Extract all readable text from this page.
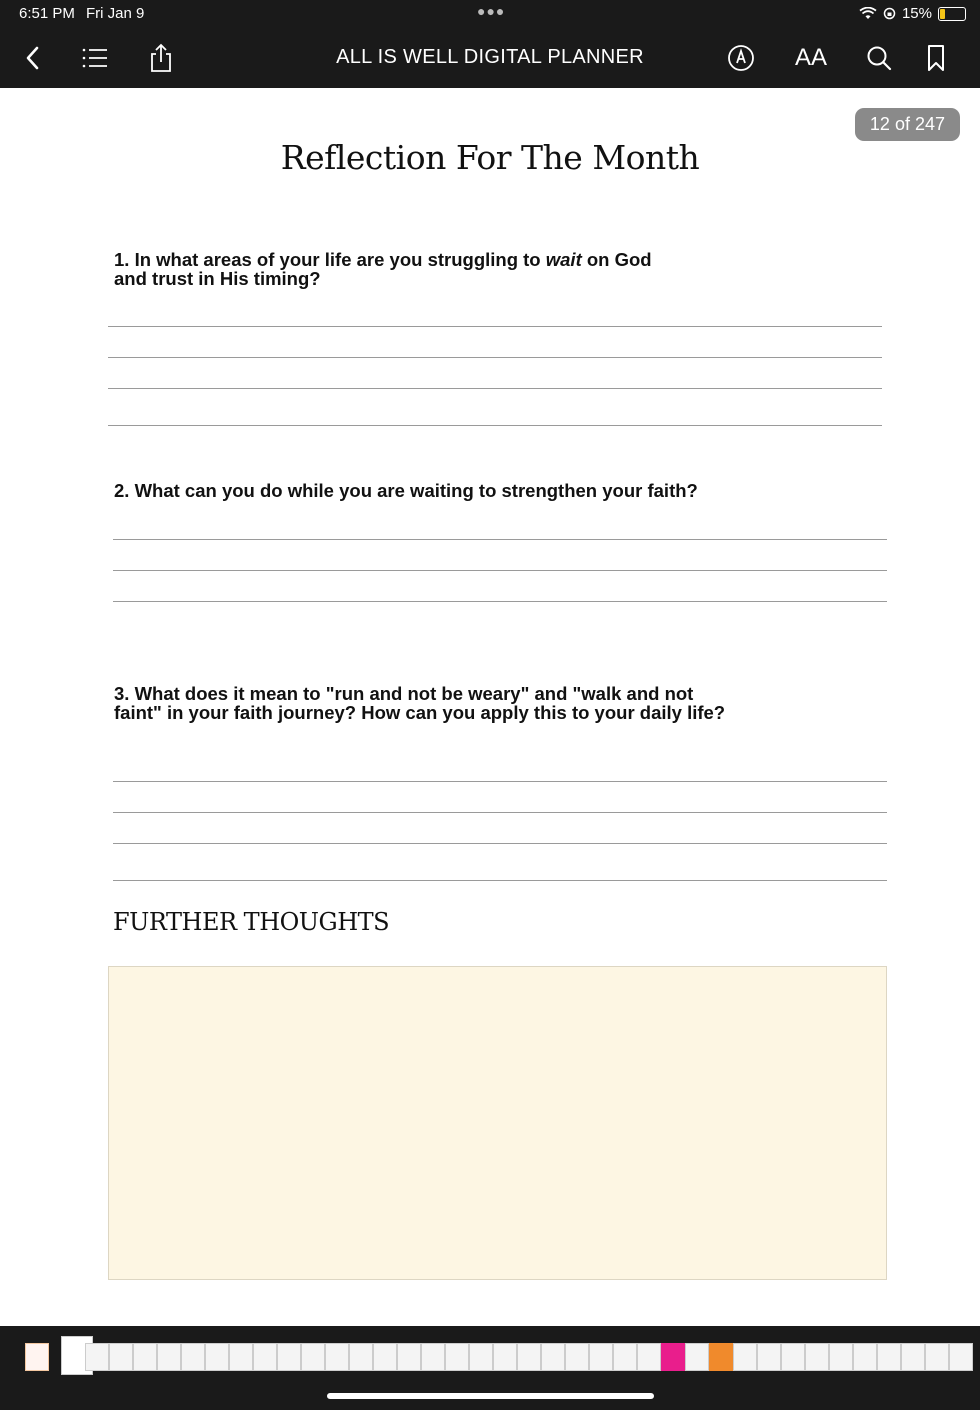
6:51 PM Fri Jan 9	●●●	15%
ALL IS WELL DIGITAL PLANNER	AA
12 of 247
Reflection For The Month
1. In what areas of your life are you struggling to wait on God
and trust in His timing?
2. What can you do while you are waiting to strengthen your faith?
3. What does it mean to "run and not be weary" and "walk and not
faint" in your faith journey? How can you apply this to your daily life?
FURTHER THOUGHTS
